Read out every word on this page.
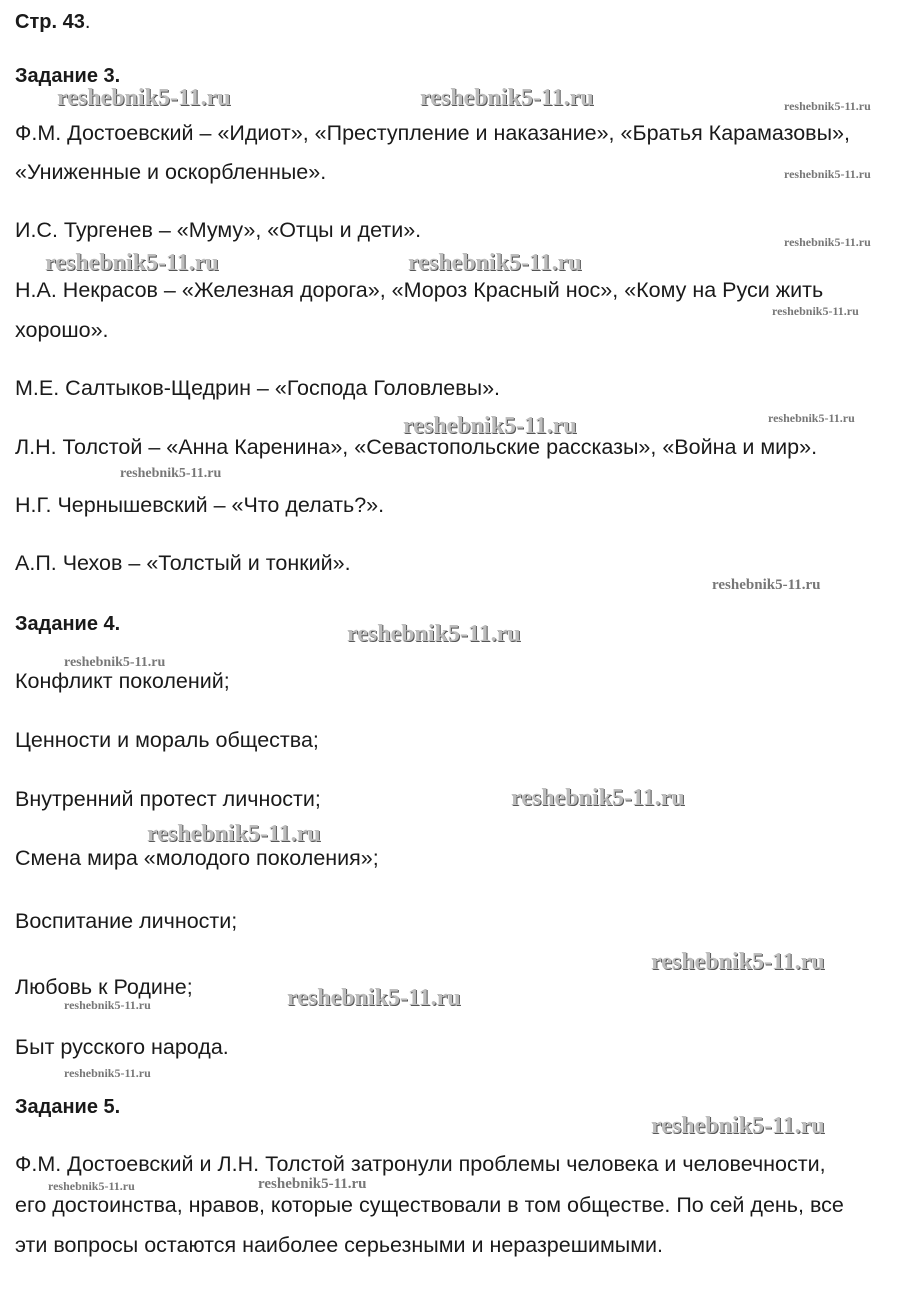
Стр. 43.
Задание 3.
Ф.М. Достоевский – «Идиот», «Преступление и наказание», «Братья Карамазовы»,
«Униженные и оскорбленные».
И.С. Тургенев – «Муму», «Отцы и дети».
Н.А. Некрасов – «Железная дорога», «Мороз Красный нос», «Кому на Руси жить
хорошо».
М.Е. Салтыков-Щедрин – «Господа Головлевы».
Л.Н. Толстой – «Анна Каренина», «Севастопольские рассказы», «Война и мир».
Н.Г. Чернышевский – «Что делать?».
А.П. Чехов – «Толстый и тонкий».
Задание 4.
Конфликт поколений;
Ценности и мораль общества;
Внутренний протест личности;
Смена мира «молодого поколения»;
Воспитание личности;
Любовь к Родине;
Быт русского народа.
Задание 5.
Ф.М. Достоевский и Л.Н. Толстой затронули проблемы человека и человечности,
его достоинства, нравов, которые существовали в том обществе. По сей день, все
эти вопросы остаются наиболее серьезными и неразрешимыми.
reshebnik5-11.ru	reshebnik5-11.ru	reshebnik5-11.ru
reshebnik5-11.ru
reshebnik5-11.ru
reshebnik5-11.ru	reshebnik5-11.ru
reshebnik5-11.ru
reshebnik5-11.ru	reshebnik5-11.ru
reshebnik5-11.ru
reshebnik5-11.ru
reshebnik5-11.ru
reshebnik5-11.ru
reshebnik5-11.ru
reshebnik5-11.ru
reshebnik5-11.ru
reshebnik5-11.ru
reshebnik5-11.ru
reshebnik5-11.ru
reshebnik5-11.ru
reshebnik5-11.ru	reshebnik5-11.ru
